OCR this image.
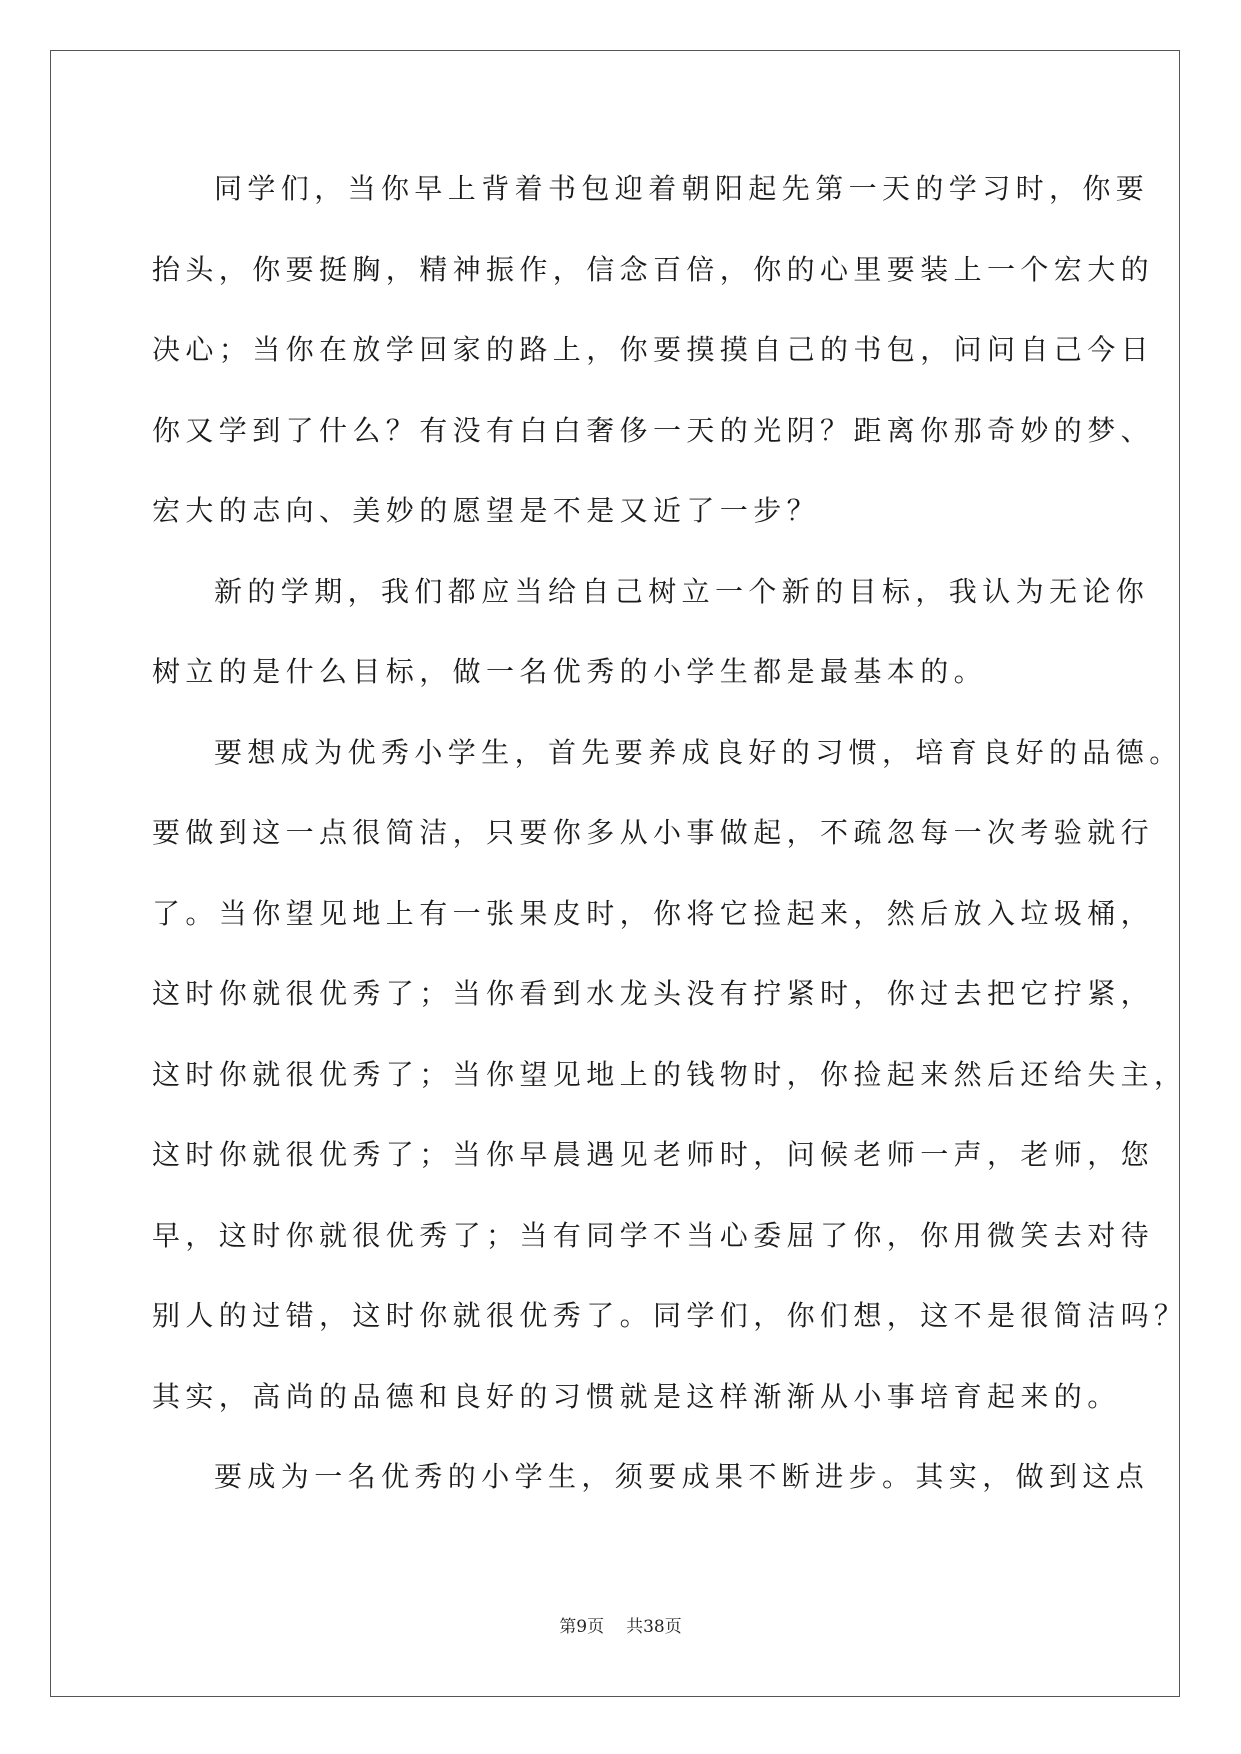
同学们，当你早上背着书包迎着朝阳起先第一天的学习时，你要
抬头，你要挺胸，精神振作，信念百倍，你的心里要装上一个宏大的
决心；当你在放学回家的路上，你要摸摸自己的书包，问问自己今日
你又学到了什么？有没有白白奢侈一天的光阴？距离你那奇妙的梦、
宏大的志向、美妙的愿望是不是又近了一步？
新的学期，我们都应当给自己树立一个新的目标，我认为无论你
树立的是什么目标，做一名优秀的小学生都是最基本的。
要想成为优秀小学生，首先要养成良好的习惯，培育良好的品德。
要做到这一点很简洁，只要你多从小事做起，不疏忽每一次考验就行
了。当你望见地上有一张果皮时，你将它捡起来，然后放入垃圾桶，
这时你就很优秀了；当你看到水龙头没有拧紧时，你过去把它拧紧，
这时你就很优秀了；当你望见地上的钱物时，你捡起来然后还给失主，
这时你就很优秀了；当你早晨遇见老师时，问候老师一声，老师，您
早，这时你就很优秀了；当有同学不当心委屈了你，你用微笑去对待
别人的过错，这时你就很优秀了。同学们，你们想，这不是很简洁吗？
其实，高尚的品德和良好的习惯就是这样渐渐从小事培育起来的。
要成为一名优秀的小学生，须要成果不断进步。其实，做到这点
第9页 共38页
